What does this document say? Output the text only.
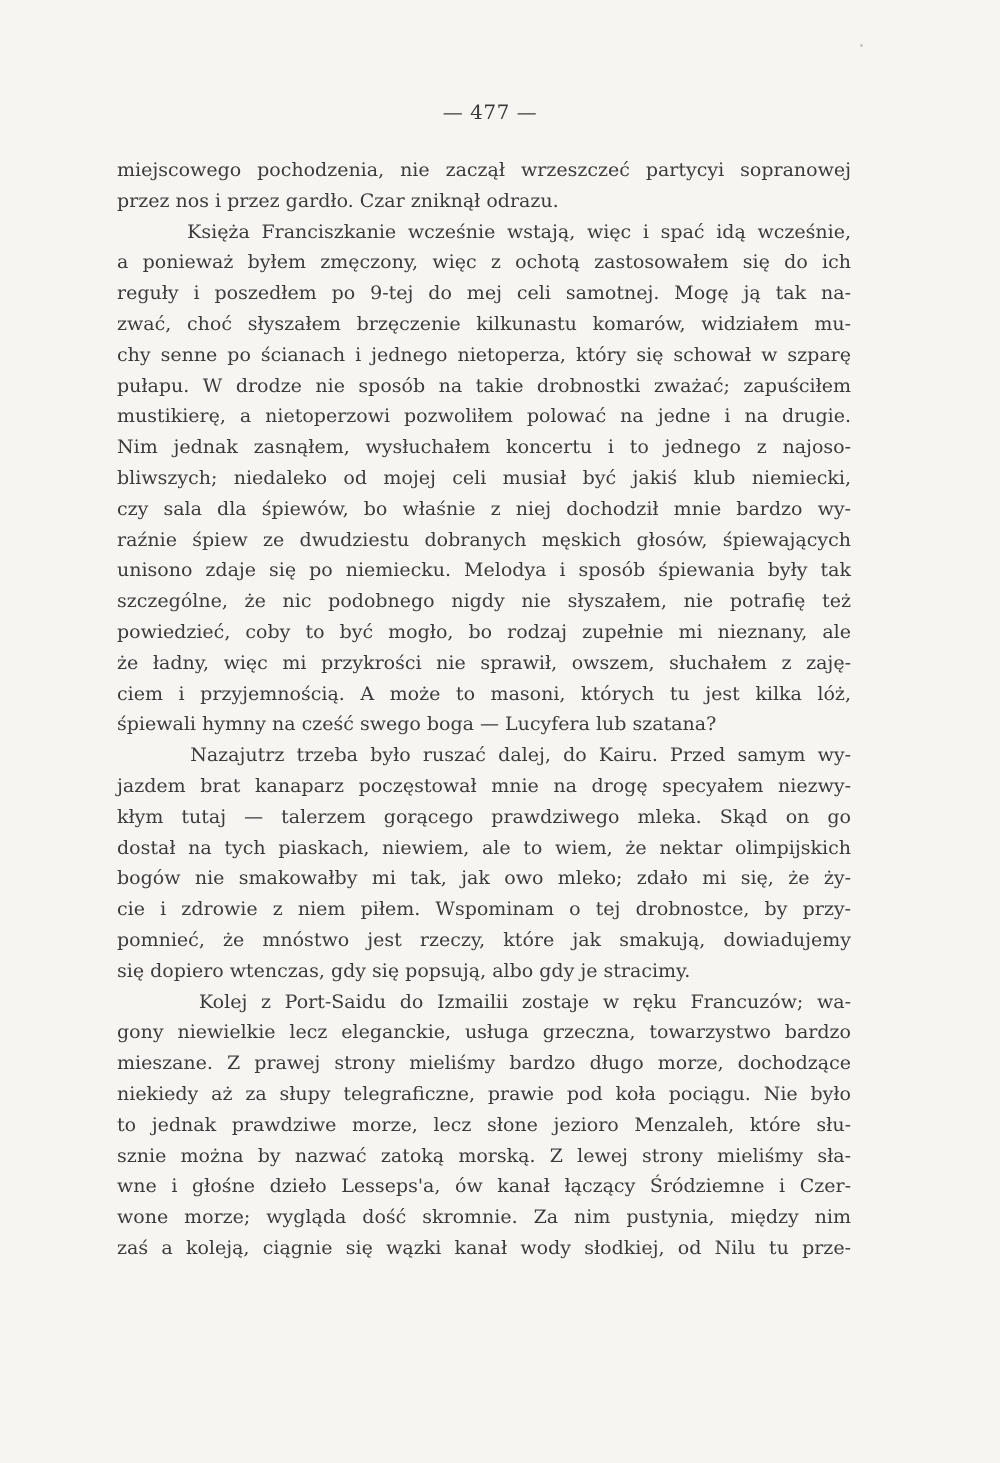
— 477 —
miejscowego pochodzenia, nie zaczął wrzeszczeć partycyi sopranowej
przez nos i przez gardło. Czar zniknął odrazu.
Księża Franciszkanie wcześnie wstają, więc i spać idą wcześnie,
a ponieważ byłem zmęczony, więc z ochotą zastosowałem się do ich
reguły i poszedłem po 9-tej do mej celi samotnej. Mogę ją tak na-
zwać, choć słyszałem brzęczenie kilkunastu komarów, widziałem mu-
chy senne po ścianach i jednego nietoperza, który się schował w szparę
pułapu. W drodze nie sposób na takie drobnostki zważać; zapuściłem
mustikierę, a nietoperzowi pozwoliłem polować na jedne i na drugie.
Nim jednak zasnąłem, wysłuchałem koncertu i to jednego z najoso-
bliwszych; niedaleko od mojej celi musiał być jakiś klub niemiecki,
czy sala dla śpiewów, bo właśnie z niej dochodził mnie bardzo wy-
raźnie śpiew ze dwudziestu dobranych męskich głosów, śpiewających
unisono zdaje się po niemiecku. Melodya i sposób śpiewania były tak
szczególne, że nic podobnego nigdy nie słyszałem, nie potrafię też
powiedzieć, coby to być mogło, bo rodzaj zupełnie mi nieznany, ale
że ładny, więc mi przykrości nie sprawił, owszem, słuchałem z zaję-
ciem i przyjemnością. A może to masoni, których tu jest kilka lóż,
śpiewali hymny na cześć swego boga — Lucyfera lub szatana?
Nazajutrz trzeba było ruszać dalej, do Kairu. Przed samym wy-
jazdem brat kanaparz poczęstował mnie na drogę specyałem niezwy-
kłym tutaj — talerzem gorącego prawdziwego mleka. Skąd on go
dostał na tych piaskach, niewiem, ale to wiem, że nektar olimpijskich
bogów nie smakowałby mi tak, jak owo mleko; zdało mi się, że ży-
cie i zdrowie z niem piłem. Wspominam o tej drobnostce, by przy-
pomnieć, że mnóstwo jest rzeczy, które jak smakują, dowiadujemy
się dopiero wtenczas, gdy się popsują, albo gdy je stracimy.
Kolej z Port-Saidu do Izmailii zostaje w ręku Francuzów; wa-
gony niewielkie lecz eleganckie, usługa grzeczna, towarzystwo bardzo
mieszane. Z prawej strony mieliśmy bardzo długo morze, dochodzące
niekiedy aż za słupy telegraficzne, prawie pod koła pociągu. Nie było
to jednak prawdziwe morze, lecz słone jezioro Menzaleh, które słu-
sznie można by nazwać zatoką morską. Z lewej strony mieliśmy sła-
wne i głośne dzieło Lesseps'a, ów kanał łączący Śródziemne i Czer-
wone morze; wygląda dość skromnie. Za nim pustynia, między nim
zaś a koleją, ciągnie się wązki kanał wody słodkiej, od Nilu tu prze-
